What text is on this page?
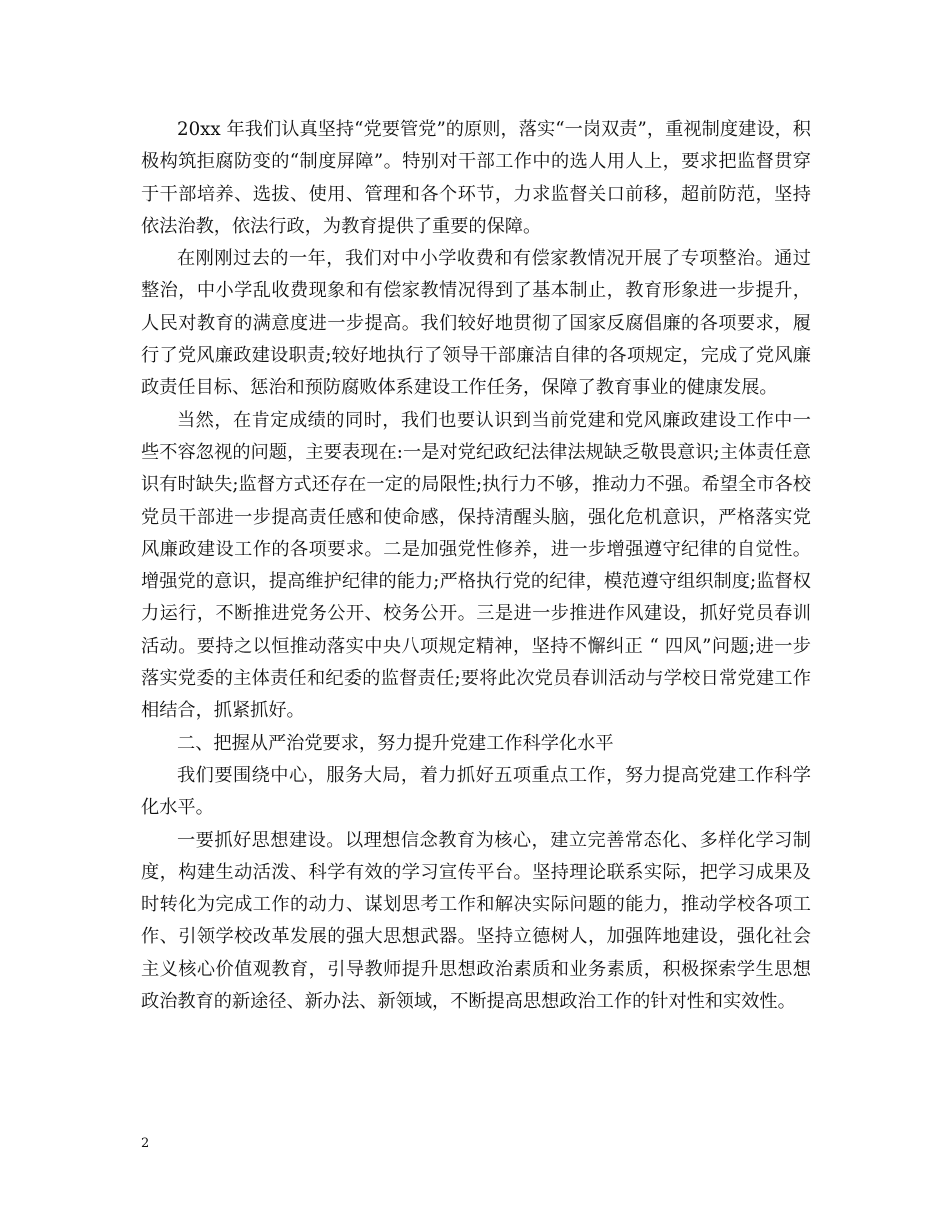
20xx 年我们认真坚持“党要管党”的原则，落实“一岗双责”，重视制度建设，积极构筑拒腐防变的“制度屏障”。特别对干部工作中的选人用人上，要求把监督贯穿于干部培养、选拔、使用、管理和各个环节，力求监督关口前移，超前防范，坚持依法治教，依法行政，为教育提供了重要的保障。

在刚刚过去的一年，我们对中小学收费和有偿家教情况开展了专项整治。通过整治，中小学乱收费现象和有偿家教情况得到了基本制止，教育形象进一步提升，人民对教育的满意度进一步提高。我们较好地贯彻了国家反腐倡廉的各项要求，履行了党风廉政建设职责;较好地执行了领导干部廉洁自律的各项规定，完成了党风廉政责任目标、惩治和预防腐败体系建设工作任务，保障了教育事业的健康发展。

当然，在肯定成绩的同时，我们也要认识到当前党建和党风廉政建设工作中一些不容忽视的问题，主要表现在:一是对党纪政纪法律法规缺乏敬畏意识;主体责任意识有时缺失;监督方式还存在一定的局限性;执行力不够，推动力不强。希望全市各校党员干部进一步提高责任感和使命感，保持清醒头脑，强化危机意识，严格落实党风廉政建设工作的各项要求。二是加强党性修养，进一步增强遵守纪律的自觉性。增强党的意识，提高维护纪律的能力;严格执行党的纪律，模范遵守组织制度;监督权力运行，不断推进党务公开、校务公开。三是进一步推进作风建设，抓好党员春训活动。要持之以恒推动落实中央八项规定精神，坚持不懈纠正 “ 四风”问题;进一步落实党委的主体责任和纪委的监督责任;要将此次党员春训活动与学校日常党建工作相结合，抓紧抓好。

二、把握从严治党要求，努力提升党建工作科学化水平

我们要围绕中心，服务大局，着力抓好五项重点工作，努力提高党建工作科学化水平。

一要抓好思想建设。以理想信念教育为核心，建立完善常态化、多样化学习制度，构建生动活泼、科学有效的学习宣传平台。坚持理论联系实际，把学习成果及时转化为完成工作的动力、谋划思考工作和解决实际问题的能力，推动学校各项工作、引领学校改革发展的强大思想武器。坚持立德树人，加强阵地建设，强化社会主义核心价值观教育，引导教师提升思想政治素质和业务素质，积极探索学生思想政治教育的新途径、新办法、新领域，不断提高思想政治工作的针对性和实效性。

2
